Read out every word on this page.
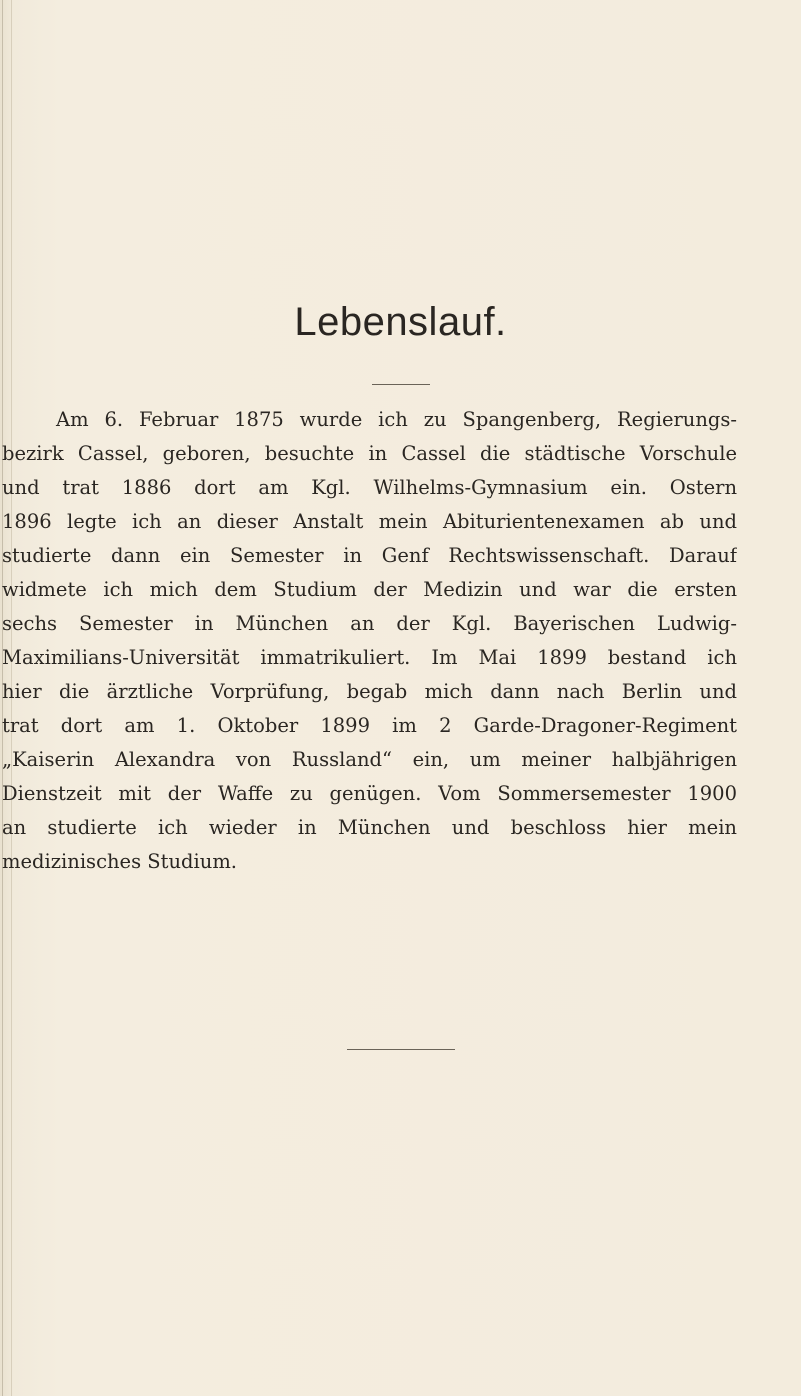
Lebenslauf.
Am 6. Februar 1875 wurde ich zu Spangenberg, Regierungs-
bezirk Cassel, geboren, besuchte in Cassel die städtische Vorschule
und trat 1886 dort am Kgl. Wilhelms-Gymnasium ein. Ostern
1896 legte ich an dieser Anstalt mein Abiturientenexamen ab und
studierte dann ein Semester in Genf Rechtswissenschaft. Darauf
widmete ich mich dem Studium der Medizin und war die ersten
sechs Semester in München an der Kgl. Bayerischen Ludwig-
Maximilians-Universität immatrikuliert. Im Mai 1899 bestand ich
hier die ärztliche Vorprüfung, begab mich dann nach Berlin und
trat dort am 1. Oktober 1899 im 2 Garde-Dragoner-Regiment
„Kaiserin Alexandra von Russland“ ein, um meiner halbjährigen
Dienstzeit mit der Waffe zu genügen. Vom Sommersemester 1900
an studierte ich wieder in München und beschloss hier mein
medizinisches Studium.
